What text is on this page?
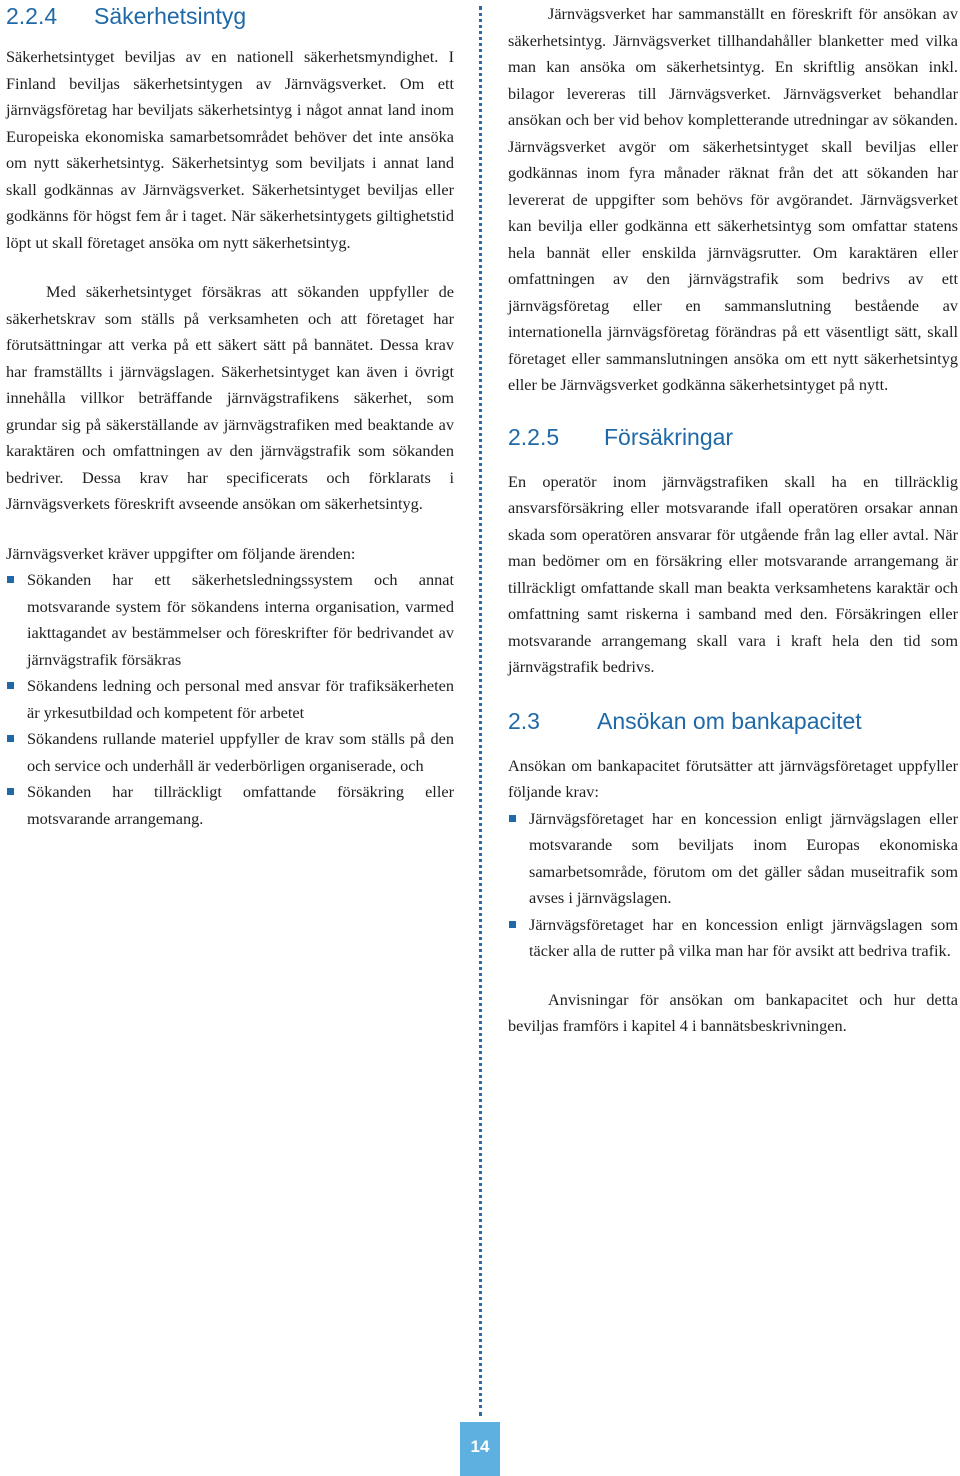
2.2.4 Säkerhetsintyg

Säkerhetsintyget beviljas av en nationell säkerhetsmyndighet. I Finland beviljas säkerhetsintygen av Järnvägsverket. Om ett järnvägsföretag har beviljats säkerhetsintyg i något annat land inom Europeiska ekonomiska samarbetsområdet behöver det inte ansöka om nytt säkerhetsintyg. Säkerhetsintyg som beviljats i annat land skall godkännas av Järnvägsverket. Säkerhetsintyget beviljas eller godkänns för högst fem år i taget. När säkerhetsintygets giltighetstid löpt ut skall företaget ansöka om nytt säkerhetsintyg.

Med säkerhetsintyget försäkras att sökanden uppfyller de säkerhetskrav som ställs på verksamheten och att företaget har förutsättningar att verka på ett säkert sätt på bannätet. Dessa krav har framställts i järnvägslagen. Säkerhetsintyget kan även i övrigt innehålla villkor beträffande järnvägstrafikens säkerhet, som grundar sig på säkerställande av järnvägstrafiken med beaktande av karaktären och omfattningen av den järnvägstrafik som sökanden bedriver. Dessa krav har specificerats och förklarats i Järnvägsverkets föreskrift avseende ansökan om säkerhetsintyg.

Järnvägsverket kräver uppgifter om följande ärenden:

Sökanden har ett säkerhetsledningssystem och annat motsvarande system för sökandens interna organisation, varmed iakttagandet av bestämmelser och föreskrifter för bedrivandet av järnvägstrafik försäkras
Sökandens ledning och personal med ansvar för trafiksäkerheten är yrkesutbildad och kompetent för arbetet
Sökandens rullande materiel uppfyller de krav som ställs på den och service och underhåll är vederbörligen organiserade, och
Sökanden har tillräckligt omfattande försäkring eller motsvarande arrangemang.

Järnvägsverket har sammanställt en föreskrift för ansökan av säkerhetsintyg. Järnvägsverket tillhandahåller blanketter med vilka man kan ansöka om säkerhetsintyg. En skriftlig ansökan inkl. bilagor levereras till Järnvägsverket. Järnvägsverket behandlar ansökan och ber vid behov kompletterande utredningar av sökanden. Järnvägsverket avgör om säkerhetsintyget skall beviljas eller godkännas inom fyra månader räknat från det att sökanden har levererat de uppgifter som behövs för avgörandet. Järnvägsverket kan bevilja eller godkänna ett säkerhetsintyg som omfattar statens hela bannät eller enskilda järnvägsrutter. Om karaktären eller omfattningen av den järnvägstrafik som bedrivs av ett järnvägsföretag eller en sammanslutning bestående av internationella järnvägsföretag förändras på ett väsentligt sätt, skall företaget eller sammanslutningen ansöka om ett nytt säkerhetsintyg eller be Järnvägsverket godkänna säkerhetsintyget på nytt.

2.2.5 Försäkringar

En operatör inom järnvägstrafiken skall ha en tillräcklig ansvarsförsäkring eller motsvarande ifall operatören orsakar annan skada som operatören ansvarar för utgående från lag eller avtal. När man bedömer om en försäkring eller motsvarande arrangemang är tillräckligt omfattande skall man beakta verksamhetens karaktär och omfattning samt riskerna i samband med den. Försäkringen eller motsvarande arrangemang skall vara i kraft hela den tid som järnvägstrafik bedrivs.

2.3 Ansökan om bankapacitet

Ansökan om bankapacitet förutsätter att järnvägsföretaget uppfyller följande krav:

Järnvägsföretaget har en koncession enligt järnvägslagen eller motsvarande som beviljats inom Europas ekonomiska samarbetsområde, förutom om det gäller sådan museitrafik som avses i järnvägslagen.
Järnvägsföretaget har en koncession enligt järnvägslagen som täcker alla de rutter på vilka man har för avsikt att bedriva trafik.

Anvisningar för ansökan om bankapacitet och hur detta beviljas framförs i kapitel 4 i bannätsbeskrivningen.

14
